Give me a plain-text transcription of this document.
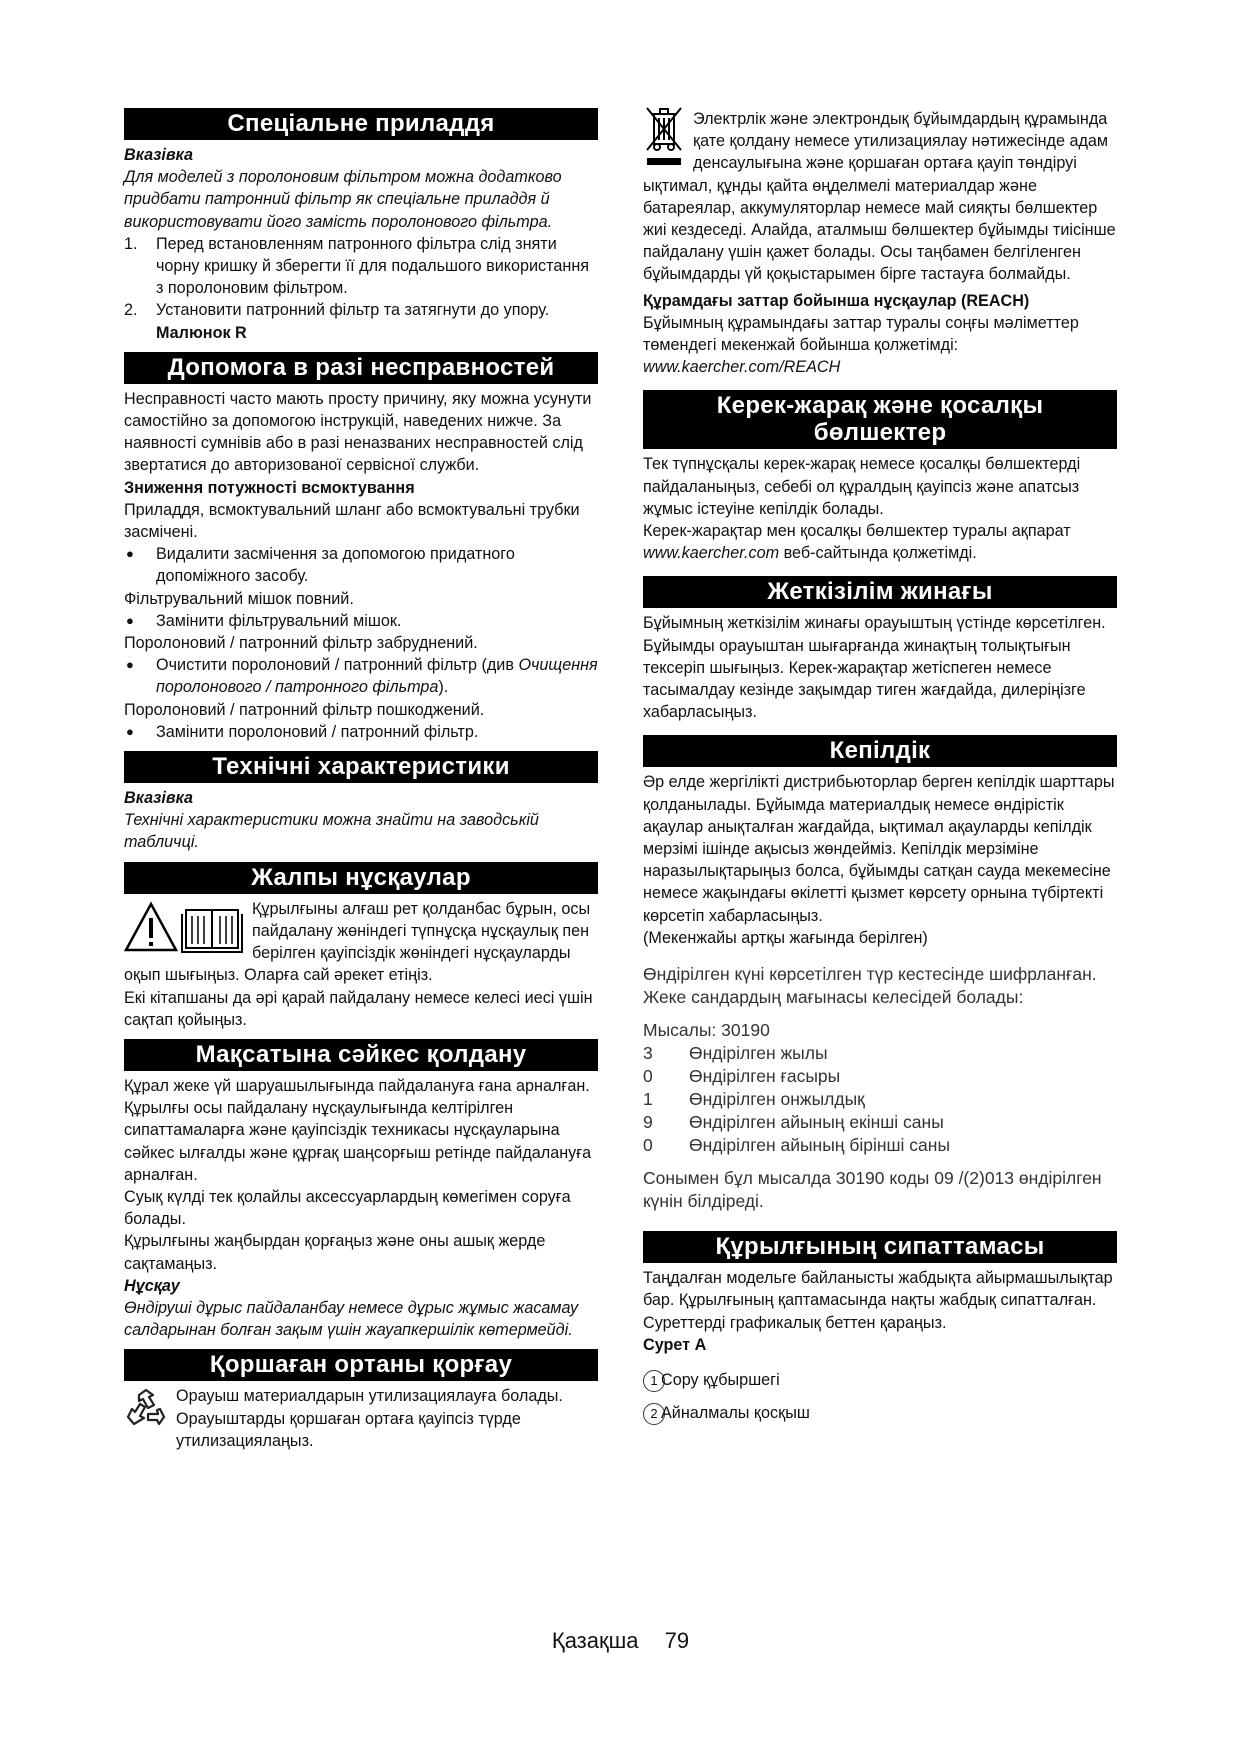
Спеціальне приладдя

Вказівка

Для моделей з поролоновим фільтром можна додатково придбати патронний фільтр як спеціальне приладдя й використовувати його замість поролонового фільтра.

1. Перед встановленням патронного фільтра слід зняти чорну кришку й зберегти її для подальшого використання з поролоновим фільтром.
2. Установити патронний фільтр та затягнути до упору.

Малюнок R

Допомога в разі несправностей

Несправності часто мають просту причину, яку можна усунути самостійно за допомогою інструкцій, наведених нижче. За наявності сумнівів або в разі неназваних несправностей слід звертатися до авторизованої сервісної служби.

Зниження потужності всмоктування

Приладдя, всмоктувальний шланг або всмоктувальні трубки засмічені.

● Видалити засмічення за допомогою придатного допоміжного засобу.

Фільтрувальний мішок повний.

● Замінити фільтрувальний мішок.

Поролоновий / патронний фільтр забруднений.

● Очистити поролоновий / патронний фільтр (див Очищення поролонового / патронного фільтра).

Поролоновий / патронний фільтр пошкоджений.

● Замінити поролоновий / патронний фільтр.
Технічні характеристики

Вказівка

Технічні характеристики можна знайти на заводській табличці.

Жалпы нұсқаулар

Құрылғыны алғаш рет қолданбас бұрын, осы пайдалану жөніндегі түпнұсқа нұсқаулық пен берілген қауіпсіздік жөніндегі нұсқауларды оқып шығыңыз. Оларға сай әрекет етіңіз.

Екі кітапшаны да әрі қарай пайдалану немесе келесі иесі үшін сақтап қойыңыз.

Мақсатына сәйкес қолдану

Құрал жеке үй шаруашылығында пайдалануға ғана арналған.

Құрылғы осы пайдалану нұсқаулығында келтірілген сипаттамаларға және қауіпсіздік техникасы нұсқауларына сәйкес ылғалды және құрғақ шаңсорғыш ретінде пайдалануға арналған.

Суық күлді тек қолайлы аксессуарлардың көмегімен соруға болады.

Құрылғыны жаңбырдан қорғаңыз және оны ашық жерде сақтамаңыз.

Нұсқау

Өндіруші дұрыс пайдаланбау немесе дұрыс жұмыс жасамау салдарынан болған зақым үшін жауапкершілік көтермейді.

Қоршаған ортаны қорғау

Орауыш материалдарын утилизациялауға болады. Орауыштарды қоршаған ортаға қауіпсіз түрде утилизациялаңыз.

Электрлік және электрондық бұйымдардың құрамында қате қолдану немесе утилизациялау нәтижесінде адам денсаулығына және қоршаған ортаға қауіп төндіруі ықтимал, құнды қайта өңделмелі материалдар және батареялар, аккумуляторлар немесе май сияқты бөлшектер жиі кездеседі. Алайда, аталмыш бөлшектер бұйымды тиісінше пайдалану үшін қажет болады. Осы таңбамен белгіленген бұйымдарды үй қоқыстарымен бірге тастауға болмайды.

Құрамдағы заттар бойынша нұсқаулар (REACH)

Бұйымның құрамындағы заттар туралы соңғы мәліметтер төмендегі мекенжай бойынша қолжетімді: www.kaercher.com/REACH

Керек-жарақ және қосалқы бөлшектер

Тек түпнұсқалы керек-жарақ немесе қосалқы бөлшектерді пайдаланыңыз, себебі ол құралдың қауіпсіз және апатсыз жұмыс істеуіне кепілдік болады.

Керек-жарақтар мен қосалқы бөлшектер туралы ақпарат www.kaercher.com веб-сайтында қолжетімді.

Жеткізілім жинағы

Бұйымның жеткізілім жинағы орауыштың үстінде көрсетілген. Бұйымды орауыштан шығарғанда жинақтың толықтығын тексеріп шығыңыз. Керек-жарақтар жетіспеген немесе тасымалдау кезінде зақымдар тиген жағдайда, дилеріңізге хабарласыңыз.

Кепілдік

Әр елде жергілікті дистрибьюторлар берген кепілдік шарттары қолданылады. Бұйымда материалдық немесе өндірістік ақаулар анықталған жағдайда, ықтимал ақауларды кепілдік мерзімі ішінде ақысыз жөндейміз. Кепілдік мерзіміне наразылықтарыңыз болса, бұйымды сатқан сауда мекемесіне немесе жақындағы өкілетті қызмет көрсету орнына түбіртекті көрсетіп хабарласыңыз.

(Мекенжайы артқы жағында берілген)

Өндірілген күні көрсетілген түр кестесінде шифрланған.

Жеке сандардың мағынасы келесідей болады:

Мысалы: 30190

3	Өндірілген жылы
0	Өндірілген ғасыры
1	Өндірілген онжылдық
9	Өндірілген айының екінші саны
0	Өндірілген айының бірінші саны

Сонымен бұл мысалда 30190 коды 09 /(2)013 өндірілген күнін білдіреді.

Құрылғының сипаттамасы

Таңдалған модельге байланысты жабдықта айырмашылықтар бар. Құрылғының қаптамасында нақты жабдық сипатталған.

Суреттерді графикалық беттен қараңыз.

Сурет А

1 Сору құбыршегі
2 Айналмалы қосқыш
Қазақша 79
